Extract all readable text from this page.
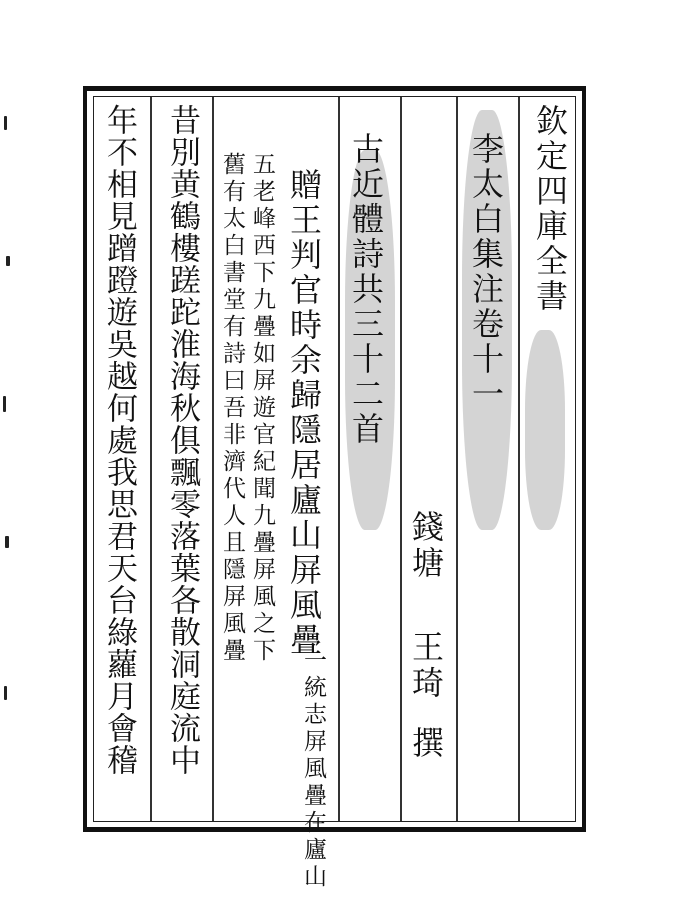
欽定四庫全書
李太白集注卷十一
錢塘
王琦
撰
古近體詩共三十二首
贈王判官時余歸隱居廬山屏風疊
一統志屏風疊在廬山
五老峰西下九疊如屏遊官紀聞九疊屏風之下
舊有太白書堂有詩曰吾非濟代人且隱屏風疊
昔別黄鶴樓蹉跎淮海秋俱飄零落葉各散洞庭流中
年不相見蹭蹬遊吳越何處我思君天台綠蘿月會稽
